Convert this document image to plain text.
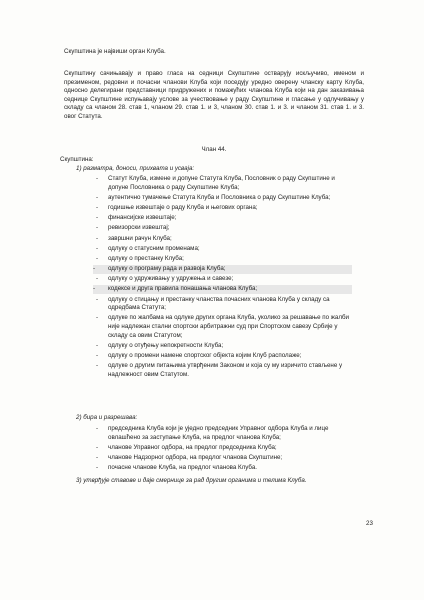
Скупштина је највиши орган Клуба.

Скупштину сачињавају и право гласа на седници Скупштине остварују искључиво, именом и презименом, редовни и почасни чланови Клуба који поседују уредно оверену чланску карту Клуба, односно делегирани представници придружених и помажућих чланова Клуба који на дан заказивања седнице Скупштине испуњавају услове за учествовање у раду Скупштине и гласање у одлучивању у складу са чланом 28. став 1, чланом 29. став 1. и 3, чланом 30. став 1. и 3. и чланом 31. став 1. и 3. овог Статута.

Члан 44.
Скупштина:
1) разматра, доноси, прихвата и усваја:
- Статут Клуба, измене и допуне Статута Клуба, Пословник о раду Скупштине и допуне Пословника о раду Скупштине Клуба;
- аутентично тумачење Статута Клуба и Пословника о раду Скупштине Клуба;
- годишње извештаје о раду Клуба и његових органа;
- финансијске извештаје;
- ревизорски извештај;
- завршни рачун Клуба;
- одлуку о статусним променама;
- одлуку о престанку Клуба;
- одлуку о програму рада и развоја Клуба;
- одлуку о удруживању у удружења и савезе;
- кодексе и друга правила понашања чланова Клуба;
- одлуку о стицању и престанку чланства почасних чланова Клуба у складу са одредбама Статута;
- одлуке по жалбама на одлуке других органа Клуба, уколико за решавање по жалби није надлежан стални спортски арбитражни суд при Спортском савезу Србије у складу са овим Статутом;
- одлуку о отуђењу непокретности Клуба;
- одлуку о промени намене спортског објекта којим Клуб располаже;
- одлуке о другим питањима утврђеним Законом и која су му изричито стављене у надлежност овим Статутом.
2) бира и разрешава:
- председника Клуба који је уједно председник Управног одбора Клуба и лице овлашћено за заступање Клуба, на предлог чланова Клуба;
- чланове Управног одбора, на предлог председника Клуба;
- чланове Надзорног одбора, на предлог чланова Скупштине;
- почасне чланове Клуба, на предлог чланова Клуба.
3) утврђује ставове и даје смернице за рад другим органима и телима Клуба.
23
